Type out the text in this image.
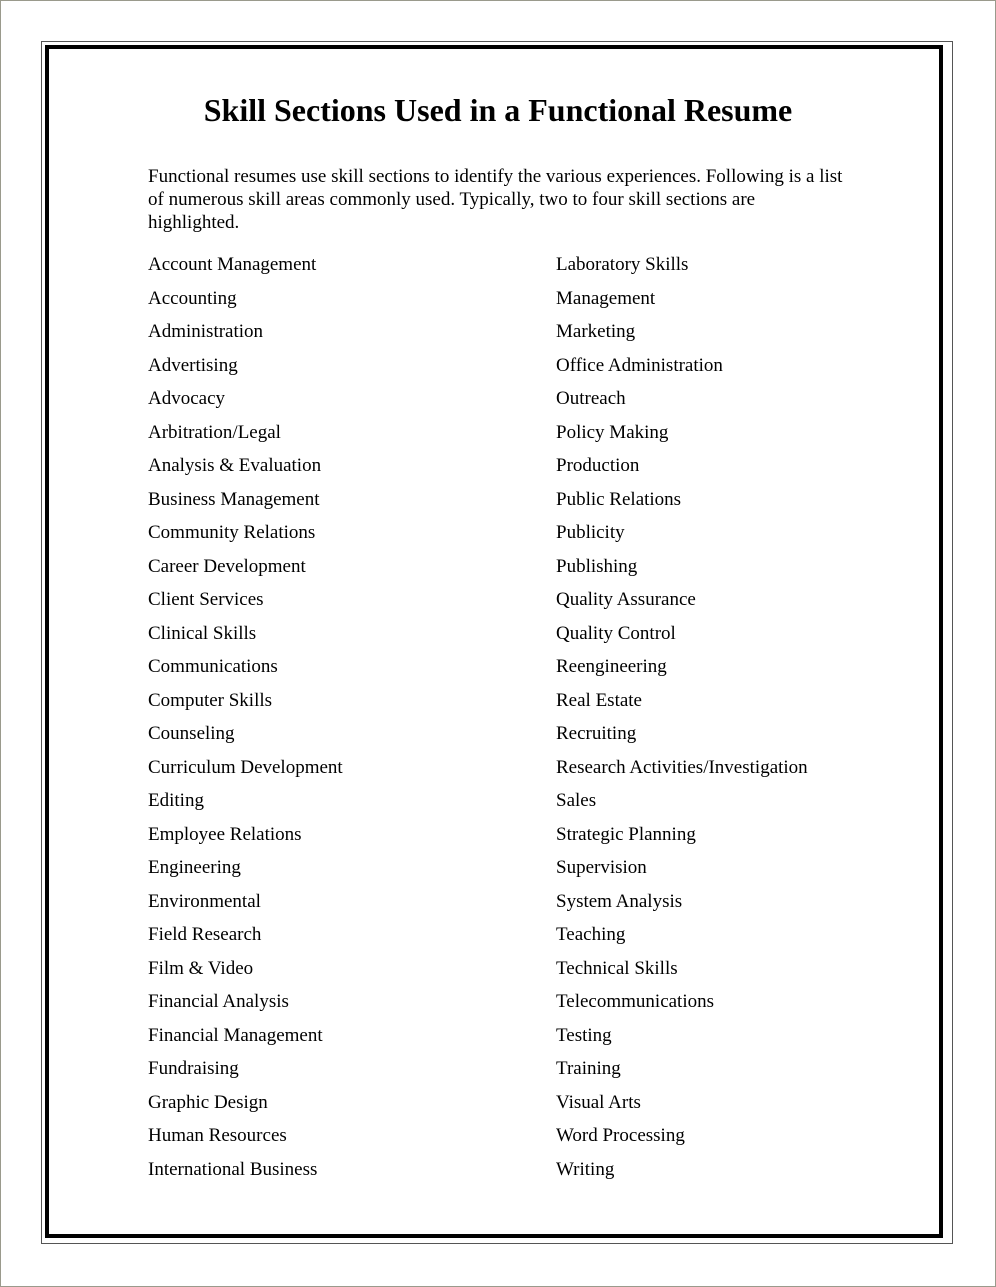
Skill Sections Used in a Functional Resume

Functional resumes use skill sections to identify the various experiences. Following is a list of numerous skill areas commonly used. Typically, two to four skill sections are highlighted.

Account Management
Accounting
Administration
Advertising
Advocacy
Arbitration/Legal
Analysis & Evaluation
Business Management
Community Relations
Career Development
Client Services
Clinical Skills
Communications
Computer Skills
Counseling
Curriculum Development
Editing
Employee Relations
Engineering
Environmental
Field Research
Film & Video
Financial Analysis
Financial Management
Fundraising
Graphic Design
Human Resources
International Business
Laboratory Skills
Management
Marketing
Office Administration
Outreach
Policy Making
Production
Public Relations
Publicity
Publishing
Quality Assurance
Quality Control
Reengineering
Real Estate
Recruiting
Research Activities/Investigation
Sales
Strategic Planning
Supervision
System Analysis
Teaching
Technical Skills
Telecommunications
Testing
Training
Visual Arts
Word Processing
Writing
